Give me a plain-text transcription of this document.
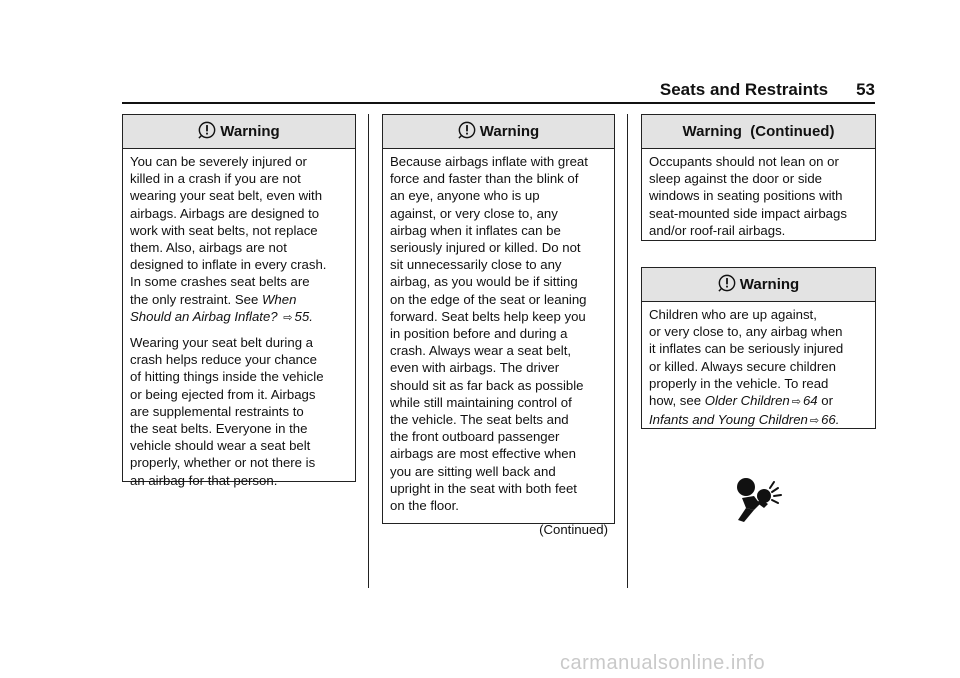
Seats and Restraints 53
Warning

You can be severely injured or
killed in a crash if you are not
wearing your seat belt, even with
airbags. Airbags are designed to
work with seat belts, not replace
them. Also, airbags are not
designed to inflate in every crash.
In some crashes seat belts are
the only restraint. See When
Should an Airbag Inflate? ⇨ 55.

Wearing your seat belt during a
crash helps reduce your chance
of hitting things inside the vehicle
or being ejected from it. Airbags
are supplemental restraints to
the seat belts. Everyone in the
vehicle should wear a seat belt
properly, whether or not there is
an airbag for that person.

Warning

Because airbags inflate with great
force and faster than the blink of
an eye, anyone who is up
against, or very close to, any
airbag when it inflates can be
seriously injured or killed. Do not
sit unnecessarily close to any
airbag, as you would be if sitting
on the edge of the seat or leaning
forward. Seat belts help keep you
in position before and during a
crash. Always wear a seat belt,
even with airbags. The driver
should sit as far back as possible
while still maintaining control of
the vehicle. The seat belts and
the front outboard passenger
airbags are most effective when
you are sitting well back and
upright in the seat with both feet
on the floor.

(Continued)
Warning  (Continued)

Occupants should not lean on or
sleep against the door or side
windows in seating positions with
seat-mounted side impact airbags
and/or roof-rail airbags.

Warning

Children who are up against,
or very close to, any airbag when
it inflates can be seriously injured
or killed. Always secure children
properly in the vehicle. To read
how, see Older Children ⇨ 64 or
Infants and Young Children ⇨ 66.

carmanualsonline.info
